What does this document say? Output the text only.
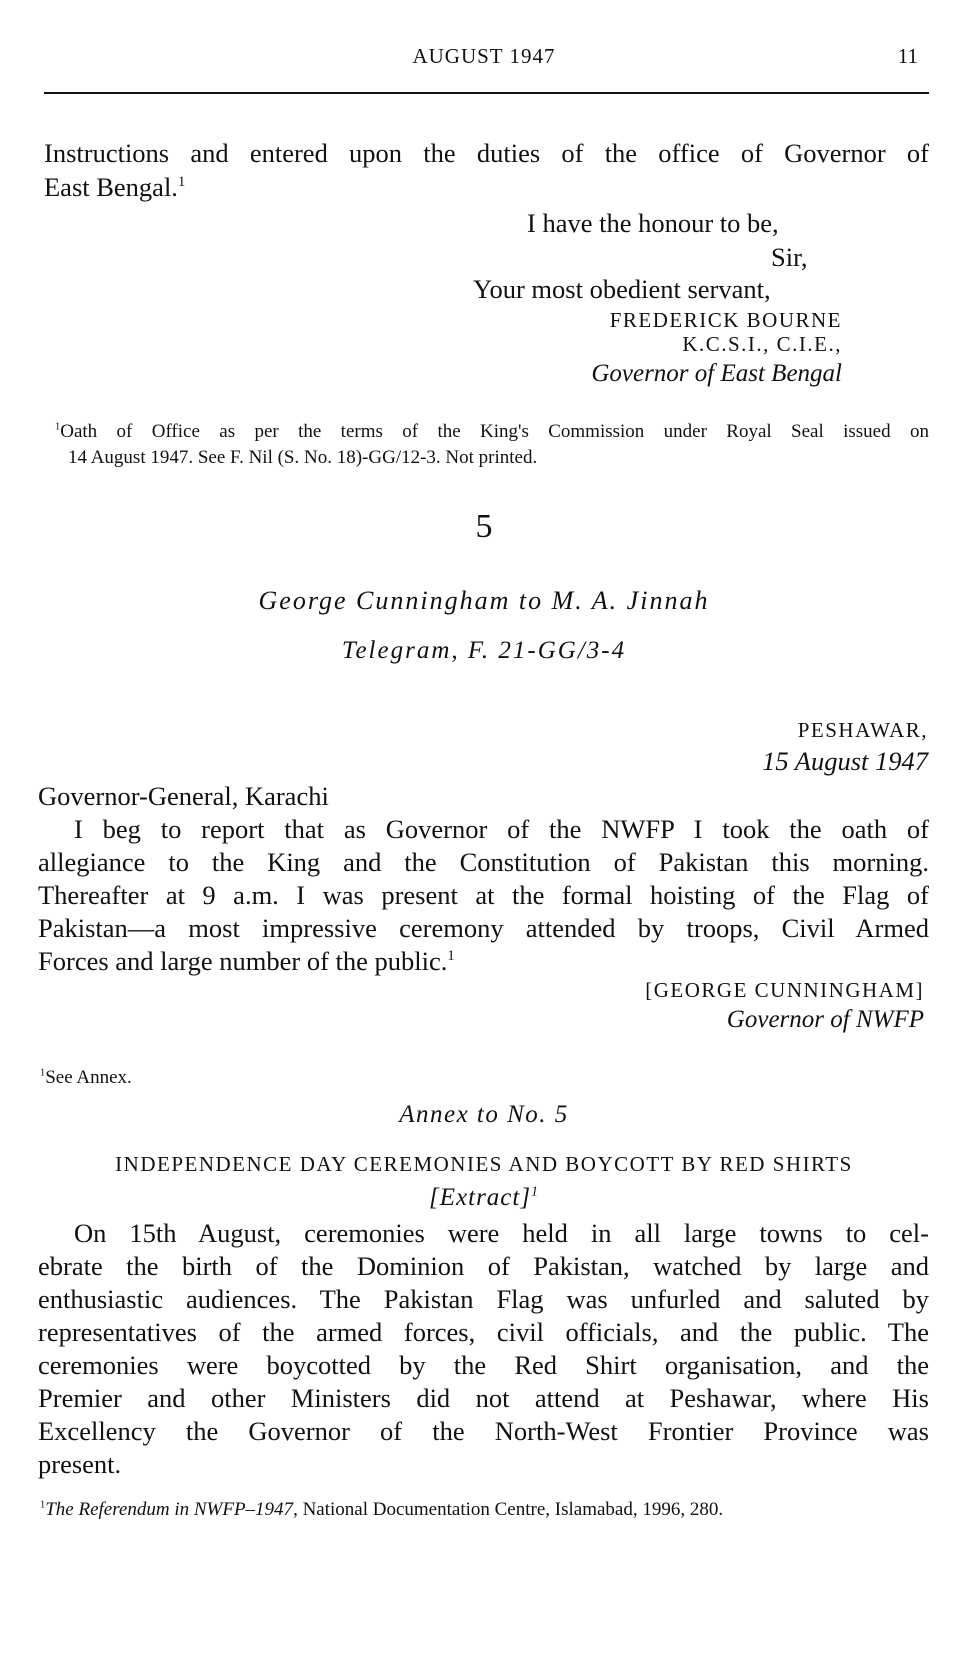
AUGUST 1947	11
Instructions and entered upon the duties of the office of Governor of
East Bengal.$^1$
I have the honour to be,
Sir,
Your most obedient servant,
FREDERICK BOURNE
K.C.S.I., C.I.E.,
Governor of East Bengal
$^1$Oath of Office as per the terms of the King's Commission under Royal Seal issued on
14 August 1947. See F. Nil (S. No. 18)-GG/12-3. Not printed.
5
George Cunningham to M. A. Jinnah
Telegram, F. 21-GG/3-4
PESHAWAR,
15 August 1947
Governor-General, Karachi
I beg to report that as Governor of the NWFP I took the oath of
allegiance to the King and the Constitution of Pakistan this morning.
Thereafter at 9 a.m. I was present at the formal hoisting of the Flag of
Pakistan—a most impressive ceremony attended by troops, Civil Armed
Forces and large number of the public.$^1$
[GEORGE CUNNINGHAM]
Governor of NWFP
$^1$See Annex.
Annex to No. 5
INDEPENDENCE DAY CEREMONIES AND BOYCOTT BY RED SHIRTS
[Extract]$^1$
On 15th August, ceremonies were held in all large towns to cel-
ebrate the birth of the Dominion of Pakistan, watched by large and
enthusiastic audiences. The Pakistan Flag was unfurled and saluted by
representatives of the armed forces, civil officials, and the public. The
ceremonies were boycotted by the Red Shirt organisation, and the
Premier and other Ministers did not attend at Peshawar, where His
Excellency the Governor of the North-West Frontier Province was
present.
$^1$The Referendum in NWFP–1947, National Documentation Centre, Islamabad, 1996, 280.
